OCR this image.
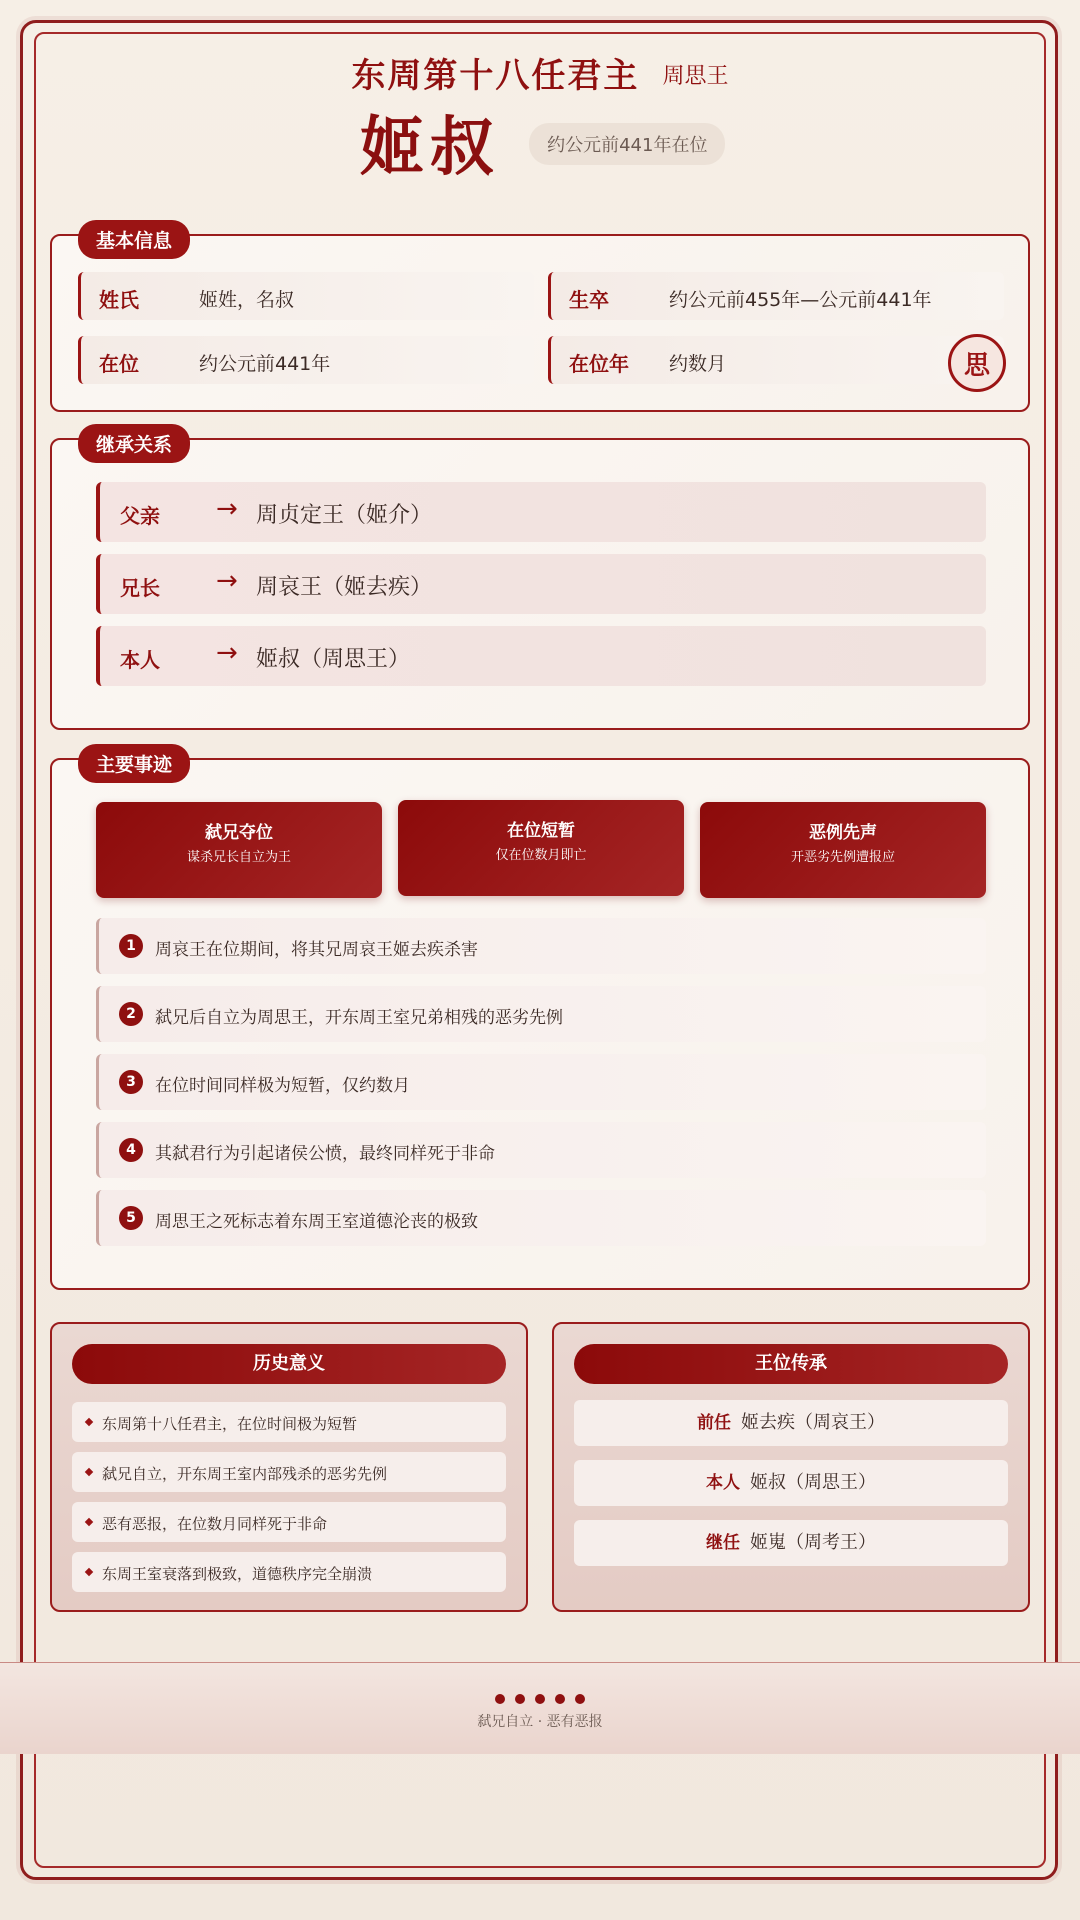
东周第十八任君主 周思王
姬叔	约公元前441年在位
基本信息
姓氏	姬姓，名叔	生卒	约公元前455年—公元前441年
在位	约公元前441年	在位年 约数月	思
继承关系
父亲 → 周贞定王（姬介）
兄长 → 周哀王（姬去疾）
本人 → 姬叔（周思王）
主要事迹
弑兄夺位
谋杀兄长自立为王
在位短暂
仅在位数月即亡
恶例先声
开恶劣先例遭报应
1	周哀王在位期间，将其兄周哀王姬去疾杀害
2	弑兄后自立为周思王，开东周王室兄弟相残的恶劣先例
3	在位时间同样极为短暂，仅约数月
4	其弑君行为引起诸侯公愤，最终同样死于非命
5	周思王之死标志着东周王室道德沦丧的极致
历史意义
东周第十八任君主，在位时间极为短暂
弑兄自立，开东周王室内部残杀的恶劣先例
恶有恶报，在位数月同样死于非命
东周王室衰落到极致，道德秩序完全崩溃
王位传承
前任 姬去疾（周哀王）
本人 姬叔（周思王）
继任 姬嵬（周考王）
弑兄自立 · 恶有恶报
